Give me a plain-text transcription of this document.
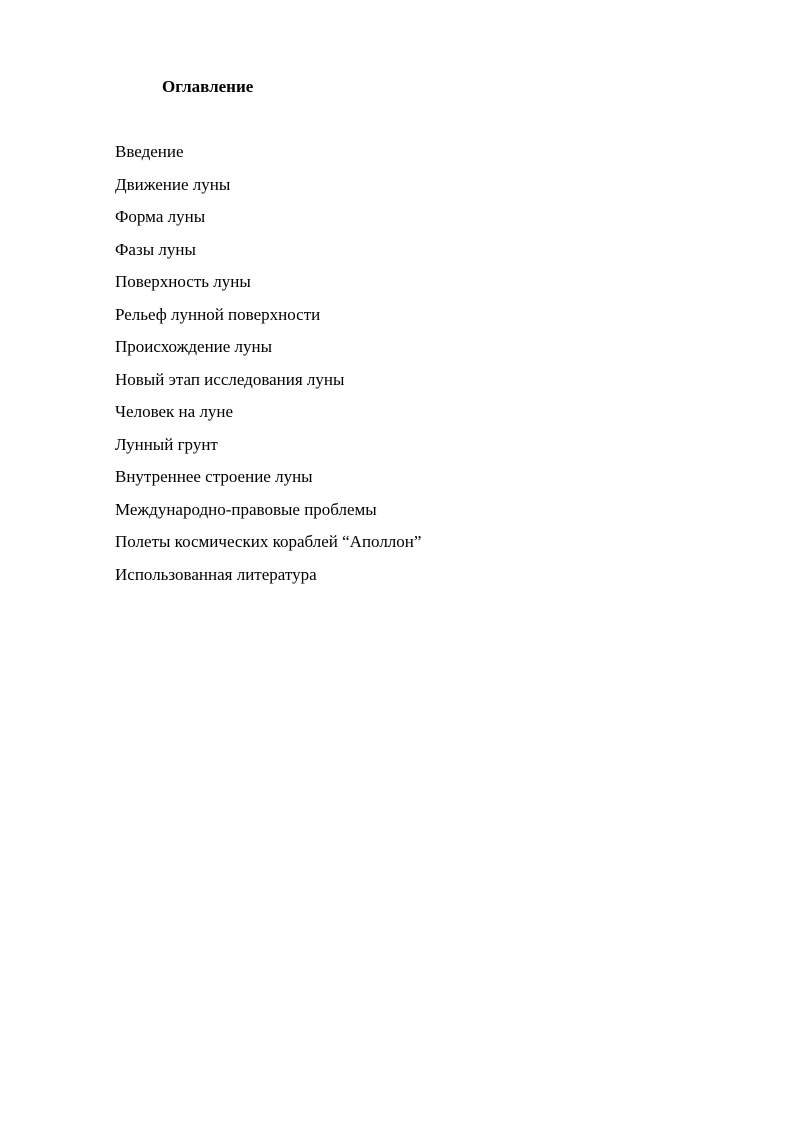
Оглавление
Введение
Движение луны
Форма луны
Фазы луны
Поверхность луны
Рельеф лунной поверхности
Происхождение луны
Новый этап исследования луны
Человек на луне
Лунный грунт
Внутреннее строение луны
Международно-правовые проблемы
Полеты космических кораблей “Аполлон”
Использованная литература
